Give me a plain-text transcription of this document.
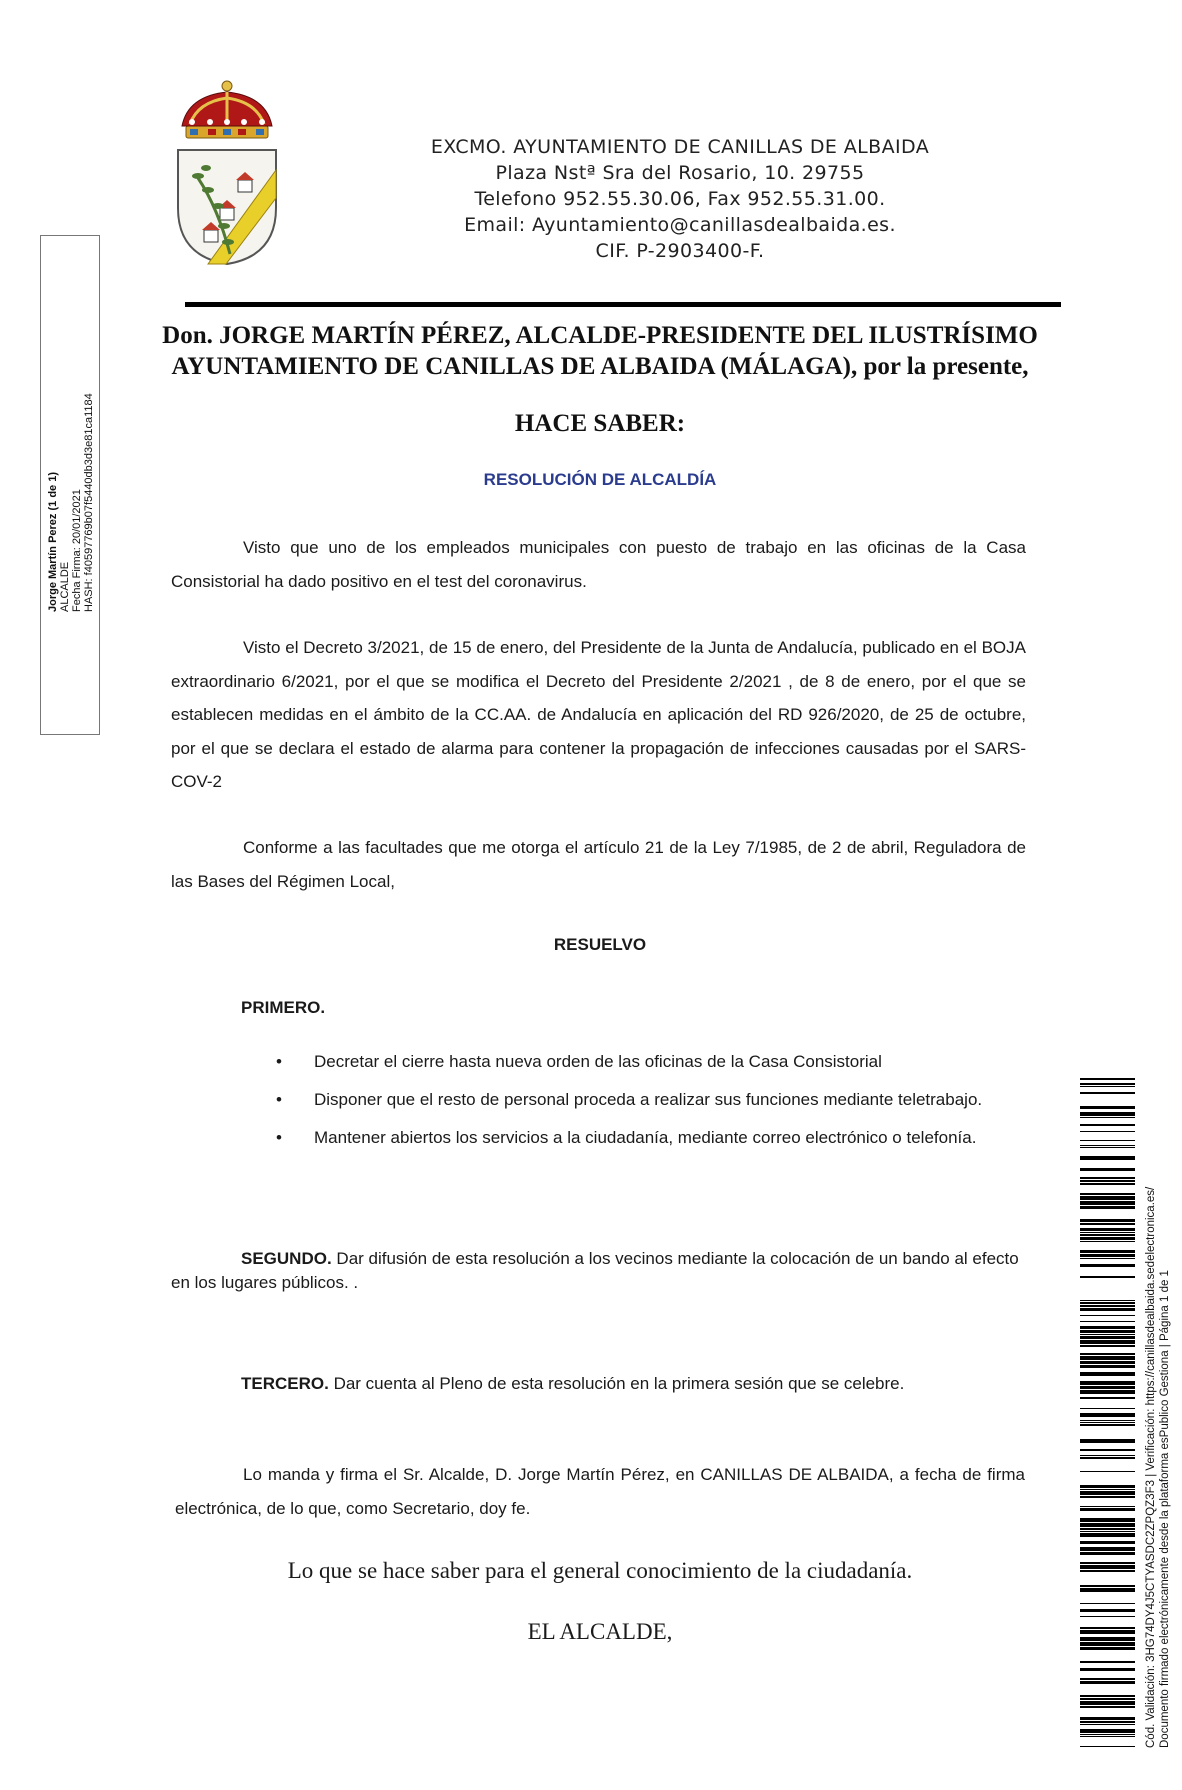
EXCMO. AYUNTAMIENTO DE CANILLAS DE ALBAIDA
Plaza Nstª Sra del Rosario, 10. 29755
Telefono 952.55.30.06, Fax 952.55.31.00.
Email: Ayuntamiento@canillasdealbaida.es.
CIF. P-2903400-F.
Jorge Martín Perez (1 de 1) ALCALDE Fecha Firma: 20/01/2021 HASH: f40597769b07f5440db3d3e81ca1184
Don. JORGE MARTÍN PÉREZ, ALCALDE-PRESIDENTE DEL ILUSTRÍSIMO
AYUNTAMIENTO DE CANILLAS DE ALBAIDA (MÁLAGA), por la presente,
HACE SABER:
RESOLUCIÓN DE ALCALDÍA
Visto que uno de los empleados municipales con puesto de trabajo en las oficinas de la Casa Consistorial ha dado positivo en el test del coronavirus.
Visto el Decreto 3/2021, de 15 de enero, del Presidente de la Junta de Andalucía, publicado en el BOJA extraordinario 6/2021, por el que se modifica el Decreto del Presidente 2/2021 , de 8 de enero, por el que se establecen medidas en el ámbito de la CC.AA. de Andalucía en aplicación del RD 926/2020, de 25 de octubre, por el que se declara el estado de alarma para contener la propagación de infecciones causadas por el SARS-COV-2
Conforme a las facultades que me otorga el artículo 21 de la Ley 7/1985, de 2 de abril, Reguladora de las Bases del Régimen Local,
RESUELVO
PRIMERO.
• Decretar el cierre hasta nueva orden de las oficinas de la Casa Consistorial
• Disponer que el resto de personal proceda a realizar sus funciones mediante teletrabajo.
• Mantener abiertos los servicios a la ciudadanía, mediante correo electrónico o telefonía.
SEGUNDO. Dar difusión de esta resolución a los vecinos mediante la colocación de un bando al efecto en los lugares públicos. .
TERCERO. Dar cuenta al Pleno de esta resolución en la primera sesión que se celebre.
Lo manda y firma el Sr. Alcalde, D. Jorge Martín Pérez, en CANILLAS DE ALBAIDA, a fecha de firma electrónica, de lo que, como Secretario, doy fe.
Lo que se hace saber para el general conocimiento de la ciudadanía.
EL ALCALDE,	Cód. Validación: 3HG74DY4J5CTYASDC2ZPQZ3F3 | Verificación: https://canillasdealbaida.sedelectronica.es/ Documento firmado electrónicamente desde la plataforma esPublico Gestiona | Página 1 de 1
